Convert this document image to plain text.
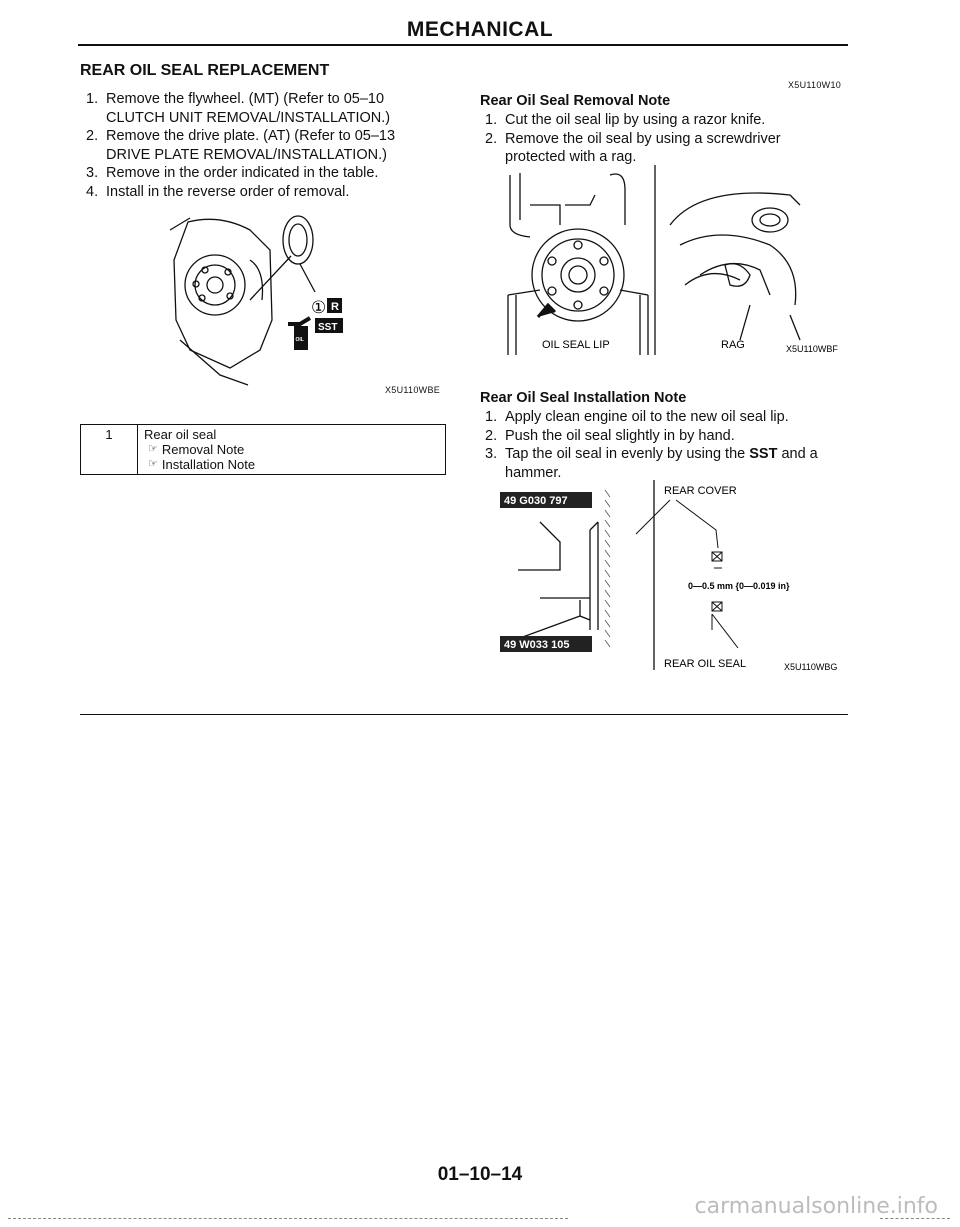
MECHANICAL
REAR OIL SEAL REPLACEMENT
1. Remove the flywheel. (MT) (Refer to 05–10 CLUTCH UNIT REMOVAL/INSTALLATION.)
2. Remove the drive plate. (AT) (Refer to 05–13 DRIVE PLATE REMOVAL/INSTALLATION.)
3. Remove in the order indicated in the table.
4. Install in the reverse order of removal.
① R
OIL
SST
X5U110WBE
1	Rear oil seal
☞ Removal Note
☞ Installation Note
X5U110W10
Rear Oil Seal Removal Note
1. Cut the oil seal lip by using a razor knife.
2. Remove the oil seal by using a screwdriver protected with a rag.
OIL SEAL LIP	RAG	X5U110WBF
Rear Oil Seal Installation Note
1. Apply clean engine oil to the new oil seal lip.
2. Push the oil seal slightly in by hand.
3. Tap the oil seal in evenly by using the SST and a hammer.
49 G030 797
49 W033 105
REAR COVER
0—0.5 mm {0—0.019 in}
REAR OIL SEAL	X5U110WBG
01–10–14
carmanualsonline.info
